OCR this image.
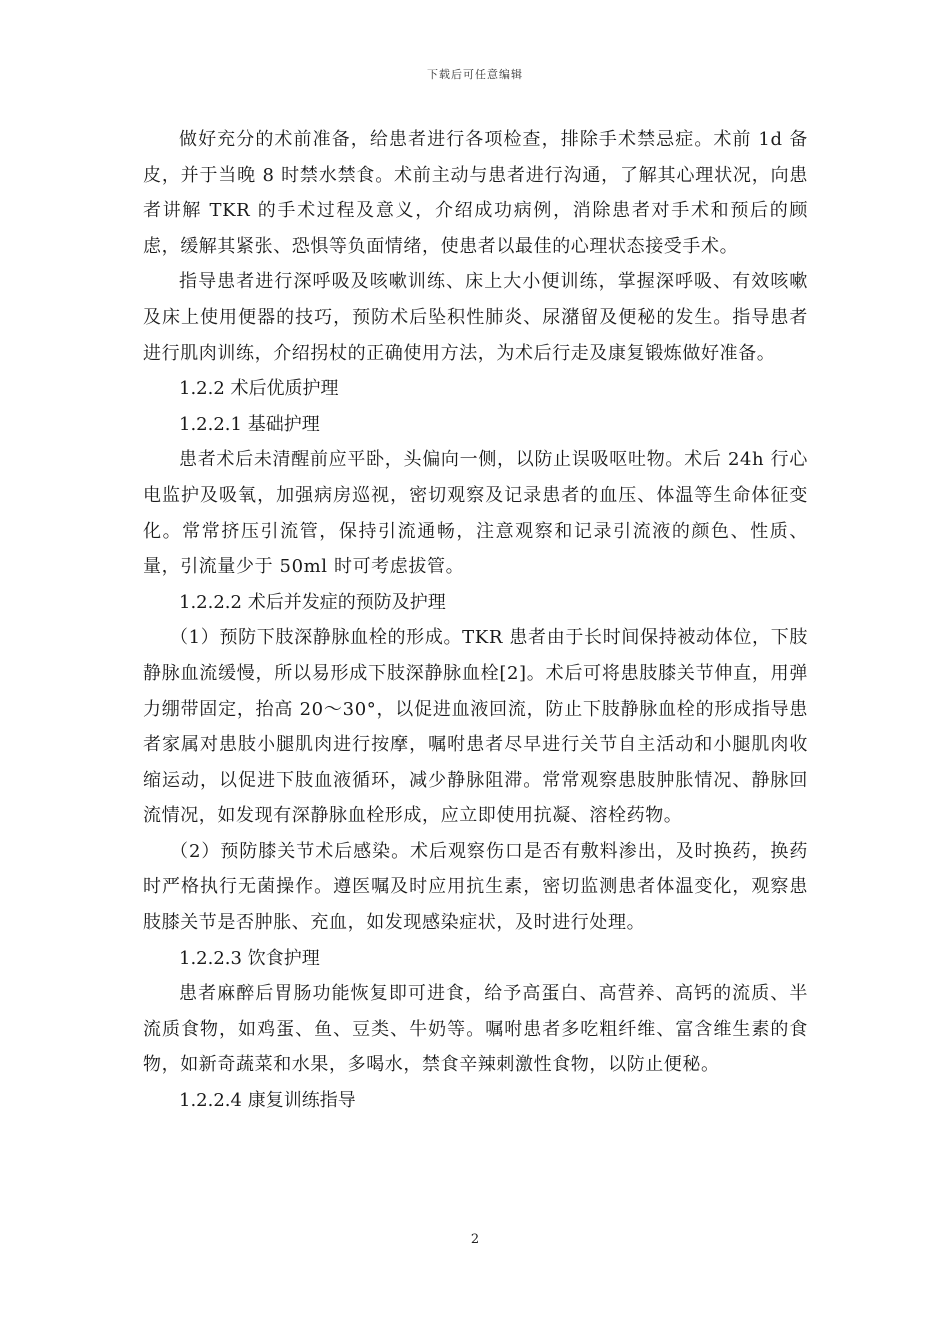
下载后可任意编辑

做好充分的术前准备，给患者进行各项检查，排除手术禁忌症。术前 1d 备皮，并于当晚 8 时禁水禁食。术前主动与患者进行沟通，了解其心理状况，向患者讲解 TKR 的手术过程及意义，介绍成功病例，消除患者对手术和预后的顾虑，缓解其紧张、恐惧等负面情绪，使患者以最佳的心理状态接受手术。

指导患者进行深呼吸及咳嗽训练、床上大小便训练，掌握深呼吸、有效咳嗽及床上使用便器的技巧，预防术后坠积性肺炎、尿潴留及便秘的发生。指导患者进行肌肉训练，介绍拐杖的正确使用方法，为术后行走及康复锻炼做好准备。

1.2.2 术后优质护理

1.2.2.1 基础护理

患者术后未清醒前应平卧，头偏向一侧，以防止误吸呕吐物。术后 24h 行心电监护及吸氧，加强病房巡视，密切观察及记录患者的血压、体温等生命体征变化。常常挤压引流管，保持引流通畅，注意观察和记录引流液的颜色、性质、量，引流量少于 50ml 时可考虑拔管。

1.2.2.2 术后并发症的预防及护理

（1）预防下肢深静脉血栓的形成。TKR 患者由于长时间保持被动体位，下肢静脉血流缓慢，所以易形成下肢深静脉血栓[2]。术后可将患肢膝关节伸直，用弹力绷带固定，抬高 20～30°，以促进血液回流，防止下肢静脉血栓的形成指导患者家属对患肢小腿肌肉进行按摩，嘱咐患者尽早进行关节自主活动和小腿肌肉收缩运动，以促进下肢血液循环，减少静脉阻滞。常常观察患肢肿胀情况、静脉回流情况，如发现有深静脉血栓形成，应立即使用抗凝、溶栓药物。

（2）预防膝关节术后感染。术后观察伤口是否有敷料渗出，及时换药，换药时严格执行无菌操作。遵医嘱及时应用抗生素，密切监测患者体温变化，观察患肢膝关节是否肿胀、充血，如发现感染症状，及时进行处理。

1.2.2.3 饮食护理

患者麻醉后胃肠功能恢复即可进食，给予高蛋白、高营养、高钙的流质、半流质食物，如鸡蛋、鱼、豆类、牛奶等。嘱咐患者多吃粗纤维、富含维生素的食物，如新奇蔬菜和水果，多喝水，禁食辛辣刺激性食物，以防止便秘。

1.2.2.4 康复训练指导

2
